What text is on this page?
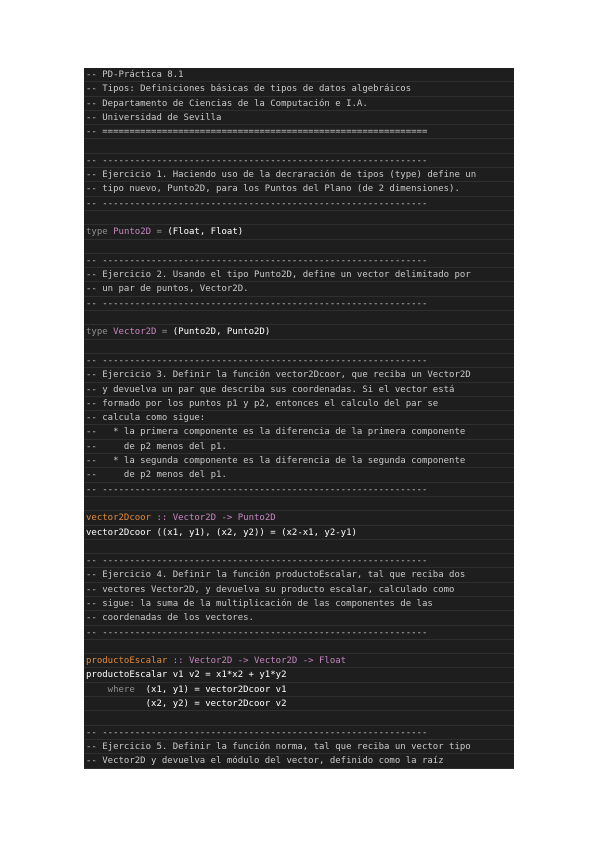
-- PD-Práctica 8.1
-- Tipos: Definiciones básicas de tipos de datos algebráicos
-- Departamento de Ciencias de la Computación e I.A.
-- Universidad de Sevilla
-- ============================================================
-- ------------------------------------------------------------
-- Ejercicio 1. Haciendo uso de la decraración de tipos (type) define un
-- tipo nuevo, Punto2D, para los Puntos del Plano (de 2 dimensiones).
-- ------------------------------------------------------------
type Punto2D = (Float, Float)
-- ------------------------------------------------------------
-- Ejercicio 2. Usando el tipo Punto2D, define un vector delimitado por
-- un par de puntos, Vector2D.
-- ------------------------------------------------------------
type Vector2D = (Punto2D, Punto2D)
-- ------------------------------------------------------------
-- Ejercicio 3. Definir la función vector2Dcoor, que reciba un Vector2D
-- y devuelva un par que describa sus coordenadas. Si el vector está
-- formado por los puntos p1 y p2, entonces el calculo del par se
-- calcula como sigue:
--   * la primera componente es la diferencia de la primera componente
--     de p2 menos del p1.
--   * la segunda componente es la diferencia de la segunda componente
--     de p2 menos del p1.
-- ------------------------------------------------------------
vector2Dcoor :: Vector2D -> Punto2D
vector2Dcoor ((x1, y1), (x2, y2)) = (x2-x1, y2-y1)
-- ------------------------------------------------------------
-- Ejercicio 4. Definir la función productoEscalar, tal que reciba dos
-- vectores Vector2D, y devuelva su producto escalar, calculado como
-- sigue: la suma de la multiplicación de las componentes de las
-- coordenadas de los vectores.
-- ------------------------------------------------------------
productoEscalar :: Vector2D -> Vector2D -> Float
productoEscalar v1 v2 = x1*x2 + y1*y2
where  (x1, y1) = vector2Dcoor v1
(x2, y2) = vector2Dcoor v2
-- ------------------------------------------------------------
-- Ejercicio 5. Definir la función norma, tal que reciba un vector tipo
-- Vector2D y devuelva el módulo del vector, definido como la raíz
